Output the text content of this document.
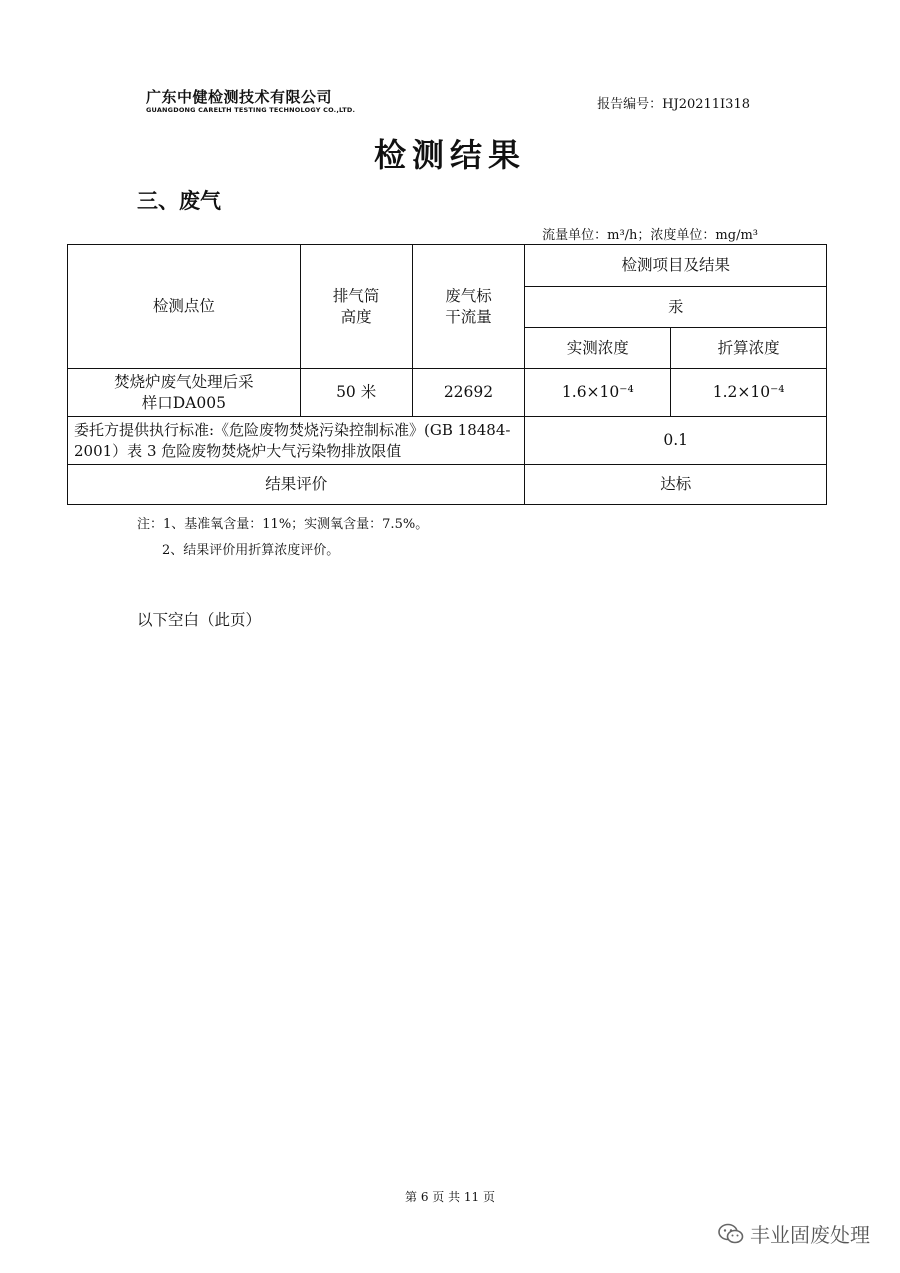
广东中健检测技术有限公司
GUANGDONG CARELTH TESTING TECHNOLOGY CO.,LTD.	报告编号：HJ20211I318
检测结果
三、废气
流量单位：m³/h；浓度单位：mg/m³
检测点位	排气筒高度	废气标干流量	检测项目及结果	
			汞	
			实测浓度	折算浓度

焚烧炉废气处理后采样口DA005	50 米	22692	1.6×10⁻⁴	1.2×10⁻⁴
委托方提供执行标准:《危险废物焚烧污染控制标准》(GB 18484-2001）表 3 危险废物焚烧炉大气污染物排放限值			0.1	
结果评价			达标	
注：1、基准氧含量：11%；实测氧含量：7.5%。
2、结果评价用折算浓度评价。
以下空白（此页）
第 6 页 共 11 页
丰业固废处理
